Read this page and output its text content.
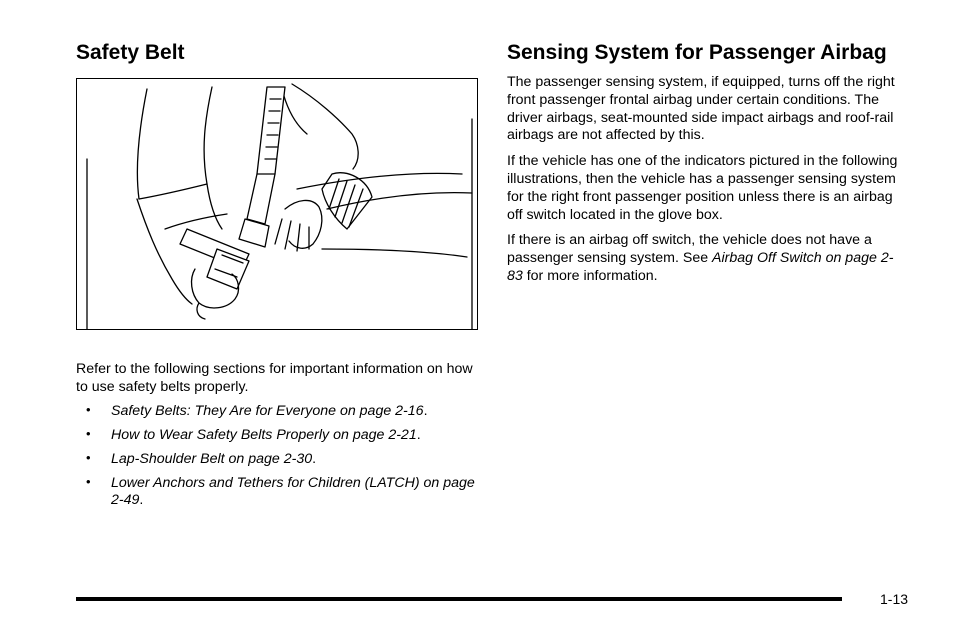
Safety Belt

Refer to the following sections for important information on how to use safety belts properly.

• Safety Belts: They Are for Everyone on page 2-16.
• How to Wear Safety Belts Properly on page 2-21.
• Lap-Shoulder Belt on page 2-30.
• Lower Anchors and Tethers for Children (LATCH) on page 2-49.
Sensing System for Passenger Airbag

The passenger sensing system, if equipped, turns off the right front passenger frontal airbag under certain conditions. The driver airbags, seat-mounted side impact airbags and roof-rail airbags are not affected by this.

If the vehicle has one of the indicators pictured in the following illustrations, then the vehicle has a passenger sensing system for the right front passenger position unless there is an airbag off switch located in the glove box.

If there is an airbag off switch, the vehicle does not have a passenger sensing system. See Airbag Off Switch on page 2-83 for more information.

1-13
